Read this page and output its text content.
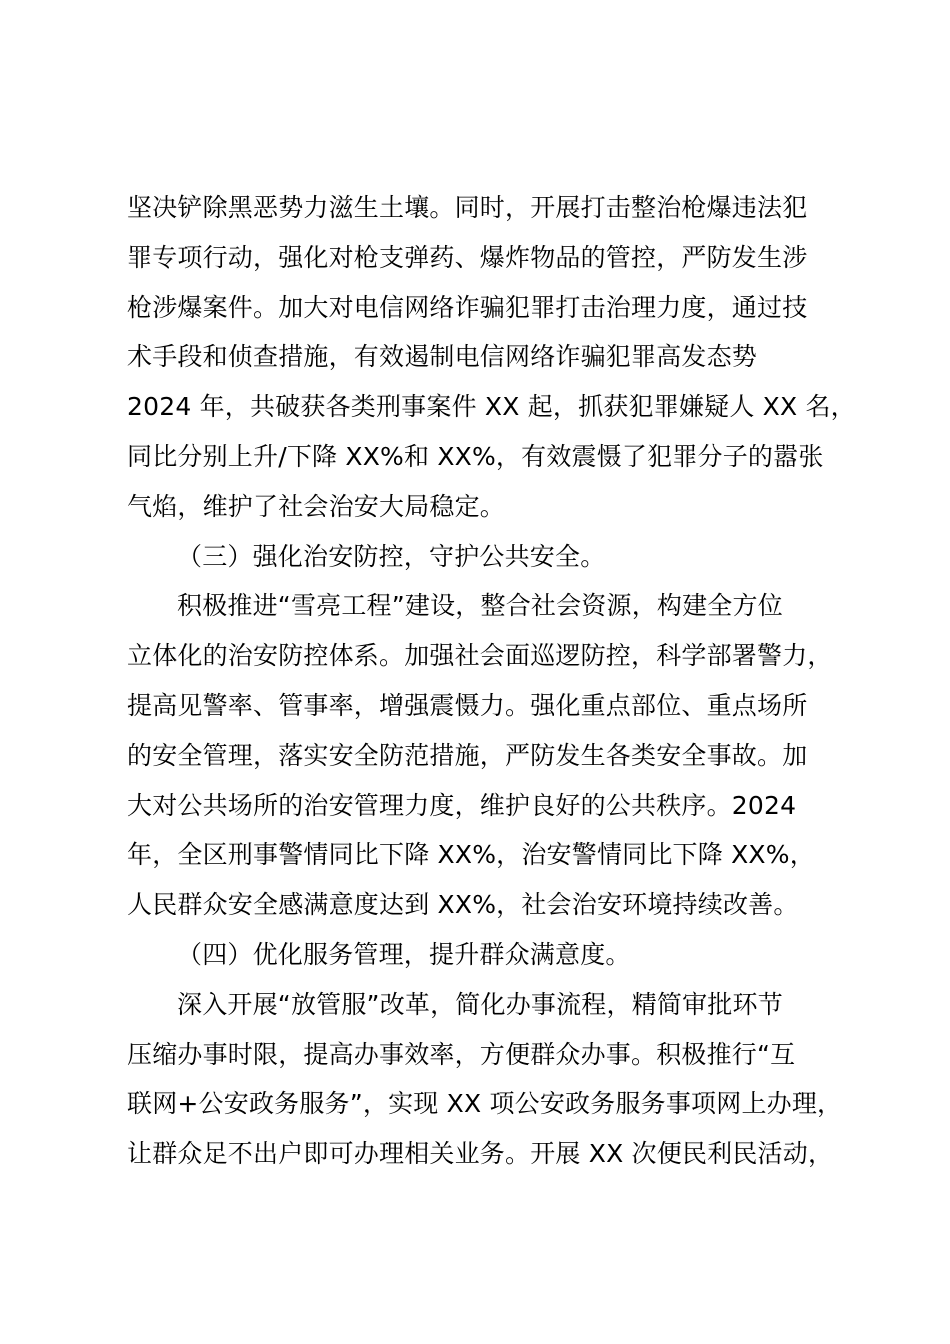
坚决铲除黑恶势力滋生土壤。同时，开展打击整治枪爆违法犯
罪专项行动，强化对枪支弹药、爆炸物品的管控，严防发生涉
枪涉爆案件。加大对电信网络诈骗犯罪打击治理力度，通过技
术手段和侦查措施，有效遏制电信网络诈骗犯罪高发态势
2024 年，共破获各类刑事案件 XX 起，抓获犯罪嫌疑人 XX 名，
同比分别上升/下降 XX%和 XX%，有效震慑了犯罪分子的嚣张
气焰，维护了社会治安大局稳定。
（三）强化治安防控，守护公共安全。
积极推进“雪亮工程”建设，整合社会资源，构建全方位
立体化的治安防控体系。加强社会面巡逻防控，科学部署警力，
提高见警率、管事率，增强震慑力。强化重点部位、重点场所
的安全管理，落实安全防范措施，严防发生各类安全事故。加
大对公共场所的治安管理力度，维护良好的公共秩序。2024
年，全区刑事警情同比下降 XX%，治安警情同比下降 XX%，
人民群众安全感满意度达到 XX%，社会治安环境持续改善。
（四）优化服务管理，提升群众满意度。
深入开展“放管服”改革，简化办事流程，精简审批环节
压缩办事时限，提高办事效率，方便群众办事。积极推行“互
联网+公安政务服务”，实现 XX 项公安政务服务事项网上办理，
让群众足不出户即可办理相关业务。开展 XX 次便民利民活动，
